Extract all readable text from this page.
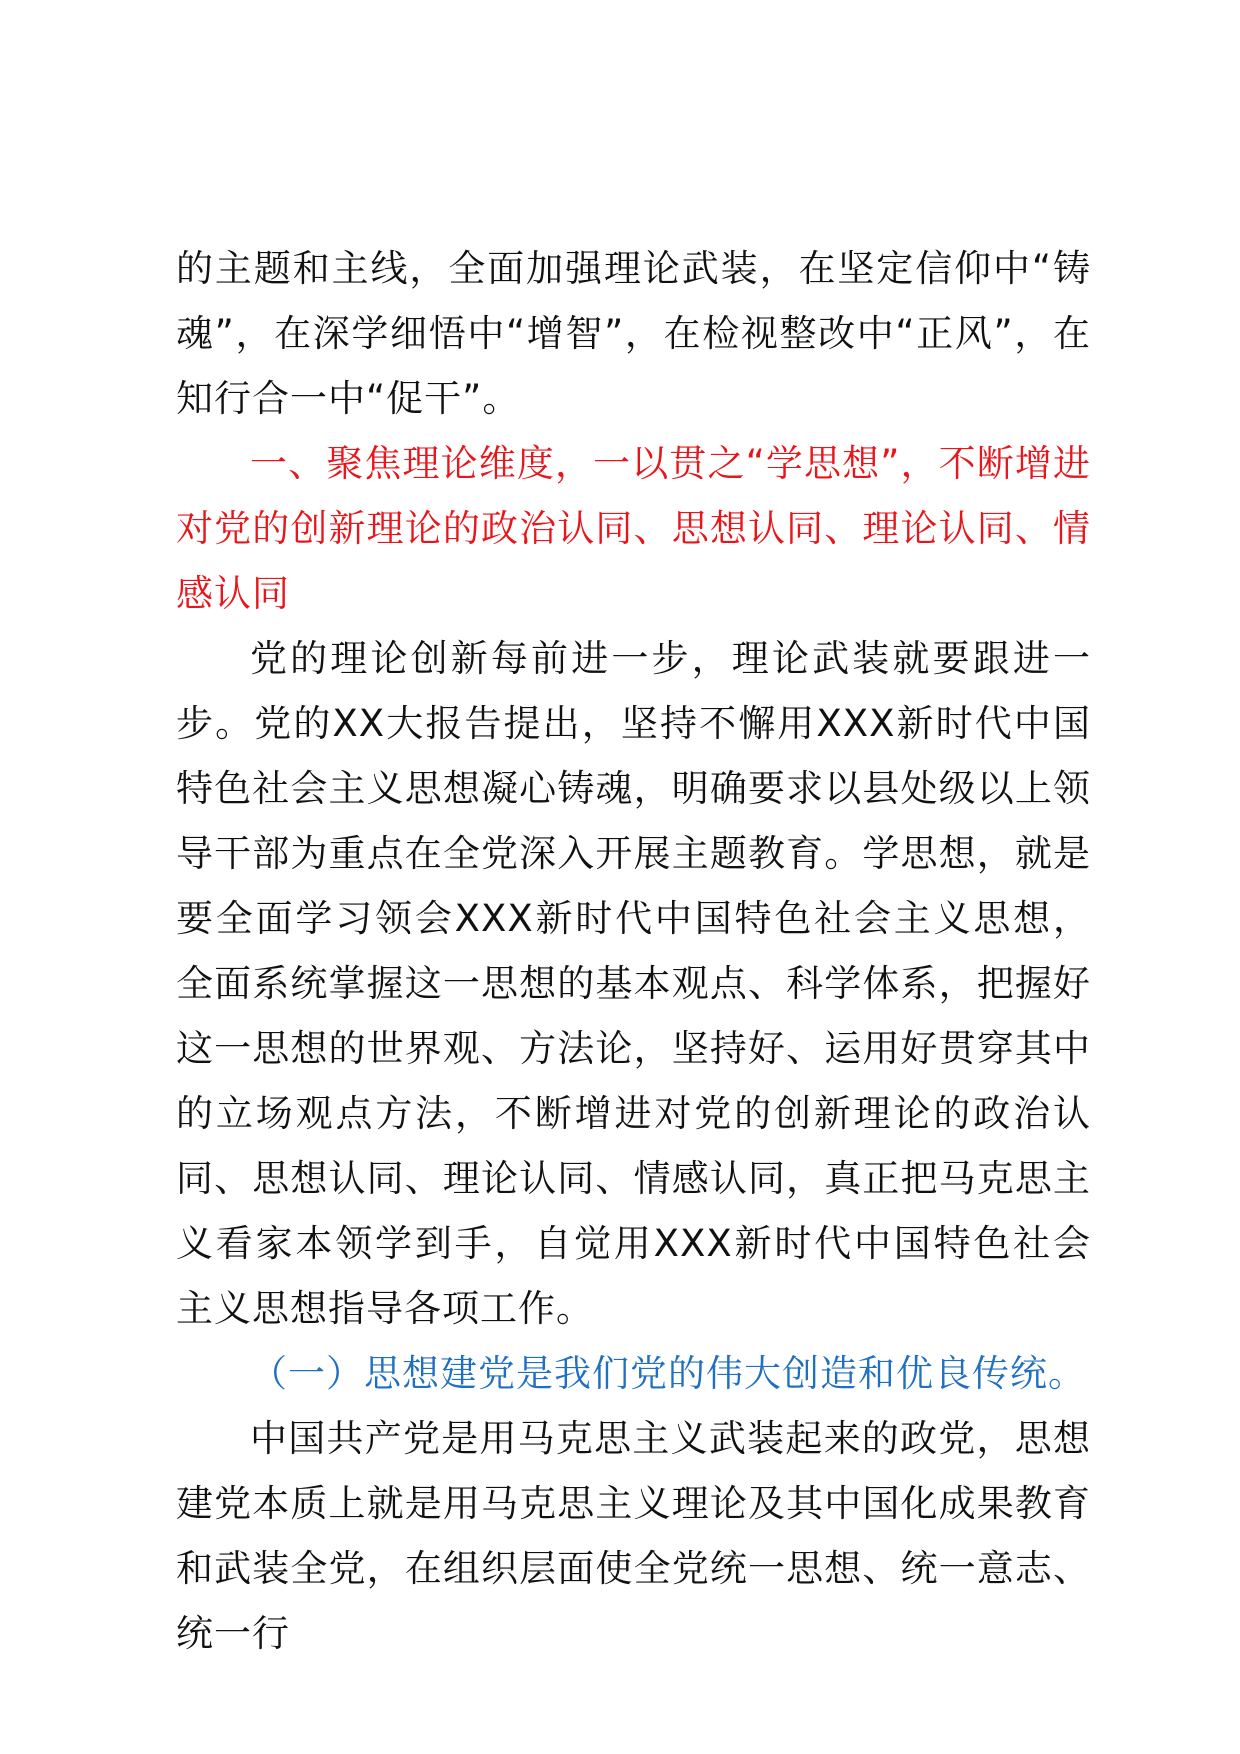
的主题和主线，全面加强理论武装，在坚定信仰中“铸魂”，在深学细悟中“增智”，在检视整改中“正风”，在知行合一中“促干”。

一、聚焦理论维度，一以贯之“学思想”，不断增进对党的创新理论的政治认同、思想认同、理论认同、情感认同

党的理论创新每前进一步，理论武装就要跟进一步。党的XX大报告提出，坚持不懈用XXX新时代中国特色社会主义思想凝心铸魂，明确要求以县处级以上领导干部为重点在全党深入开展主题教育。学思想，就是要全面学习领会XXX新时代中国特色社会主义思想，全面系统掌握这一思想的基本观点、科学体系，把握好这一思想的世界观、方法论，坚持好、运用好贯穿其中的立场观点方法，不断增进对党的创新理论的政治认同、思想认同、理论认同、情感认同，真正把马克思主义看家本领学到手，自觉用XXX新时代中国特色社会主义思想指导各项工作。

（一）思想建党是我们党的伟大创造和优良传统。

中国共产党是用马克思主义武装起来的政党，思想建党本质上就是用马克思主义理论及其中国化成果教育和武装全党，在组织层面使全党统一思想、统一意志、统一行
